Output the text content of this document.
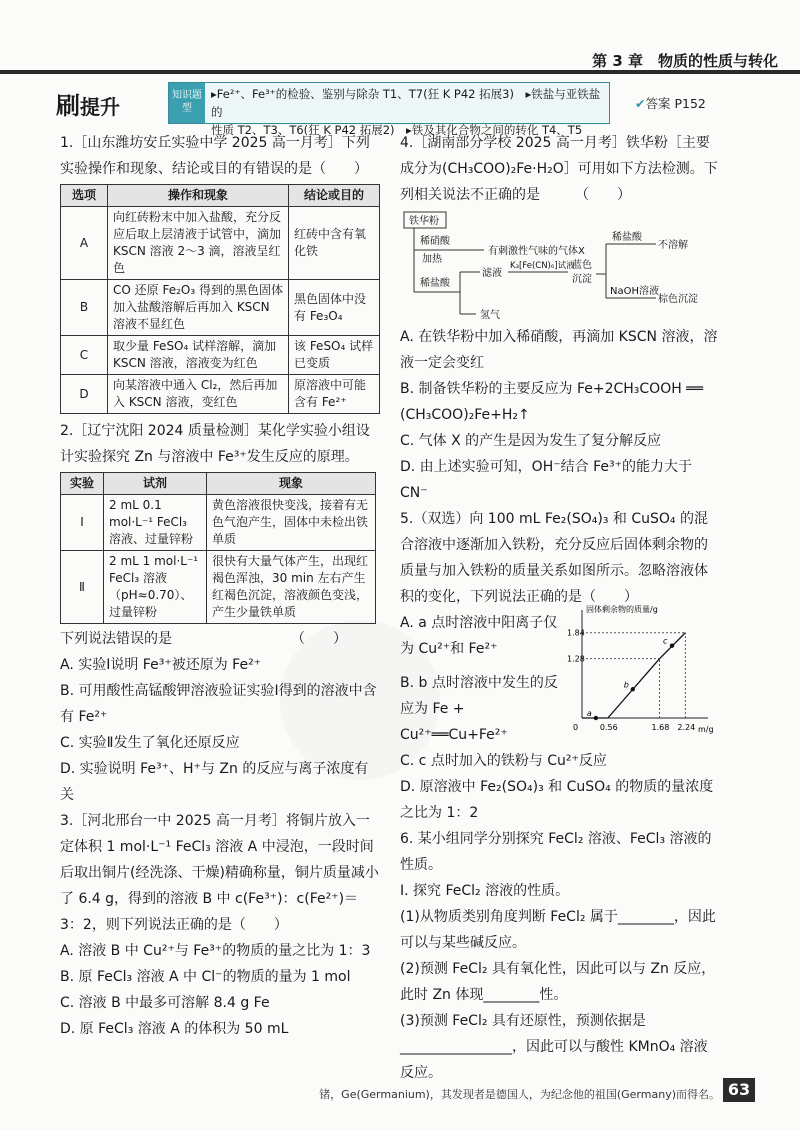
第 3 章　物质的性质与转化
刷提升	知识题型
▸Fe²⁺、Fe³⁺的检验、鉴别与除杂 T1、T7(狂 K P42 拓展3)　▸铁盐与亚铁盐的
性质 T2、T3、T6(狂 K P42 拓展2)　▸铁及其化合物之间的转化 T4、T5
✔答案 P152

1.［山东潍坊安丘实验中学 2025 高一月考］下列实验操作和现象、结论或目的有错误的是（　　）

选项	操作和现象	结论或目的
A	向红砖粉末中加入盐酸，充分反应后取上层清液于试管中，滴加 KSCN 溶液 2～3 滴，溶液呈红色	红砖中含有氧化铁
B	CO 还原 Fe₂O₃ 得到的黑色固体加入盐酸溶解后再加入 KSCN 溶液不显红色	黑色固体中没有 Fe₃O₄
C	取少量 FeSO₄ 试样溶解，滴加 KSCN 溶液，溶液变为红色	该 FeSO₄ 试样已变质
D	向某溶液中通入 Cl₂，然后再加入 KSCN 溶液，变红色	原溶液中可能含有 Fe²⁺

2.［辽宁沈阳 2024 质量检测］某化学实验小组设计实验探究 Zn 与溶液中 Fe³⁺发生反应的原理。

实验	试剂	现象
Ⅰ	2 mL 0.1 mol·L⁻¹ FeCl₃ 溶液、过量锌粉	黄色溶液很快变浅，接着有无色气泡产生，固体中未检出铁单质
Ⅱ	2 mL 1 mol·L⁻¹ FeCl₃ 溶液（pH≈0.70）、过量锌粉	很快有大量气体产生，出现红褐色浑浊，30 min 左右产生红褐色沉淀，溶液颜色变浅，产生少量铁单质

下列说法错误的是　　　　　　　　　（　　）

A. 实验Ⅰ说明 Fe³⁺被还原为 Fe²⁺

B. 可用酸性高锰酸钾溶液验证实验Ⅰ得到的溶液中含有 Fe²⁺

C. 实验Ⅱ发生了氧化还原反应

D. 实验说明 Fe³⁺、H⁺与 Zn 的反应与离子浓度有关

3.［河北邢台一中 2025 高一月考］将铜片放入一定体积 1 mol·L⁻¹ FeCl₃ 溶液 A 中浸泡，一段时间后取出铜片(经洗涤、干燥)精确称量，铜片质量减小了 6.4 g，得到的溶液 B 中 c(Fe³⁺)：c(Fe²⁺)＝3：2，则下列说法正确的是（　　）

A. 溶液 B 中 Cu²⁺与 Fe³⁺的物质的量之比为 1：3

B. 原 FeCl₃ 溶液 A 中 Cl⁻的物质的量为 1 mol

C. 溶液 B 中最多可溶解 8.4 g Fe

D. 原 FeCl₃ 溶液 A 的体积为 50 mL

4.［湖南部分学校 2025 高一月考］铁华粉［主要成分为(CH₃COO)₂Fe·H₂O］可用如下方法检测。下列相关说法不正确的是　　　（　　）

铁华粉
稀硝酸
加热
有刺激性气味的气体X
稀盐酸
滤液
K₃[Fe(CN)₆]试液
蓝色
沉淀
稀盐酸
不溶解
NaOH溶液
棕色沉淀
氢气

A. 在铁华粉中加入稀硝酸，再滴加 KSCN 溶液，溶液一定会变红

B. 制备铁华粉的主要反应为 Fe+2CH₃COOH ══ (CH₃COO)₂Fe+H₂↑

C. 气体 X 的产生是因为发生了复分解反应

D. 由上述实验可知，OH⁻结合 Fe³⁺的能力大于 CN⁻

5.（双选）向 100 mL Fe₂(SO₄)₃ 和 CuSO₄ 的混合溶液中逐渐加入铁粉，充分反应后固体剩余物的质量与加入铁粉的质量关系如图所示。忽略溶液体积的变化，下列说法正确的是（　　）

A. a 点时溶液中阳离子仅为 Cu²⁺和 Fe²⁺

固体剩余物的质量/g
m/g
1.28
1.84
0	0.56	1.68 2.24
a
b
c

B. b 点时溶液中发生的反应为 Fe + Cu²⁺══Cu+Fe²⁺

C. c 点时加入的铁粉与 Cu²⁺反应

D. 原溶液中 Fe₂(SO₄)₃ 和 CuSO₄ 的物质的量浓度之比为 1：2

6. 某小组同学分别探究 FeCl₂ 溶液、FeCl₃ 溶液的性质。

Ⅰ. 探究 FeCl₂ 溶液的性质。

(1)从物质类别角度判断 FeCl₂ 属于________，因此可以与某些碱反应。

(2)预测 FeCl₂ 具有氧化性，因此可以与 Zn 反应，此时 Zn 体现________性。

(3)预测 FeCl₂ 具有还原性，预测依据是________________，因此可以与酸性 KMnO₄ 溶液反应。

锗，Ge(Germanium)，其发现者是德国人，为纪念他的祖国(Germany)而得名。 63
